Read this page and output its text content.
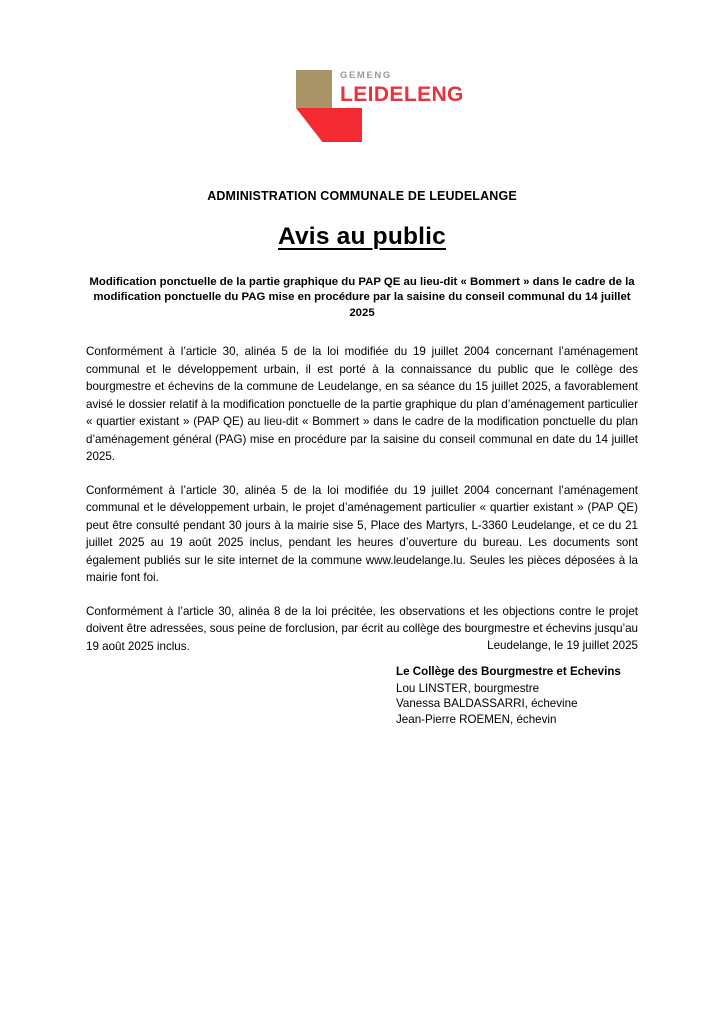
GEMENG
LEIDELENG
ADMINISTRATION COMMUNALE DE LEUDELANGE
Avis au public
Modification ponctuelle de la partie graphique du PAP QE au lieu-dit « Bommert » dans le cadre de la modification ponctuelle du PAG mise en procédure par la saisine du conseil communal du 14 juillet 2025

Conformément à l’article 30, alinéa 5 de la loi modifiée du 19 juillet 2004 concernant l’aménagement communal et le développement urbain, il est porté à la connaissance du public que le collège des bourgmestre et échevins de la commune de Leudelange, en sa séance du 15 juillet 2025, a favorablement avisé le dossier relatif à la modification ponctuelle de la partie graphique du plan d’aménagement particulier « quartier existant » (PAP QE) au lieu-dit « Bommert » dans le cadre de la modification ponctuelle du plan d’aménagement général (PAG) mise en procédure par la saisine du conseil communal en date du 14 juillet 2025.

Conformément à l’article 30, alinéa 5 de la loi modifiée du 19 juillet 2004 concernant l’aménagement communal et le développement urbain, le projet d’aménagement particulier « quartier existant » (PAP QE) peut être consulté pendant 30 jours à la mairie sise 5, Place des Martyrs, L-3360 Leudelange, et ce du 21 juillet 2025 au 19 août 2025 inclus, pendant les heures d’ouverture du bureau. Les documents sont également publiés sur le site internet de la commune www.leudelange.lu. Seules les pièces déposées à la mairie font foi.

Conformément à l’article 30, alinéa 8 de la loi précitée, les observations et les objections contre le projet doivent être adressées, sous peine de forclusion, par écrit au collège des bourgmestre et échevins jusqu’au 19 août 2025 inclus.	Leudelange, le 19 juillet 2025

Le Collège des Bourgmestre et Echevins

Lou LINSTER, bourgmestre

Vanessa BALDASSARRI, échevine

Jean-Pierre ROEMEN, échevin
